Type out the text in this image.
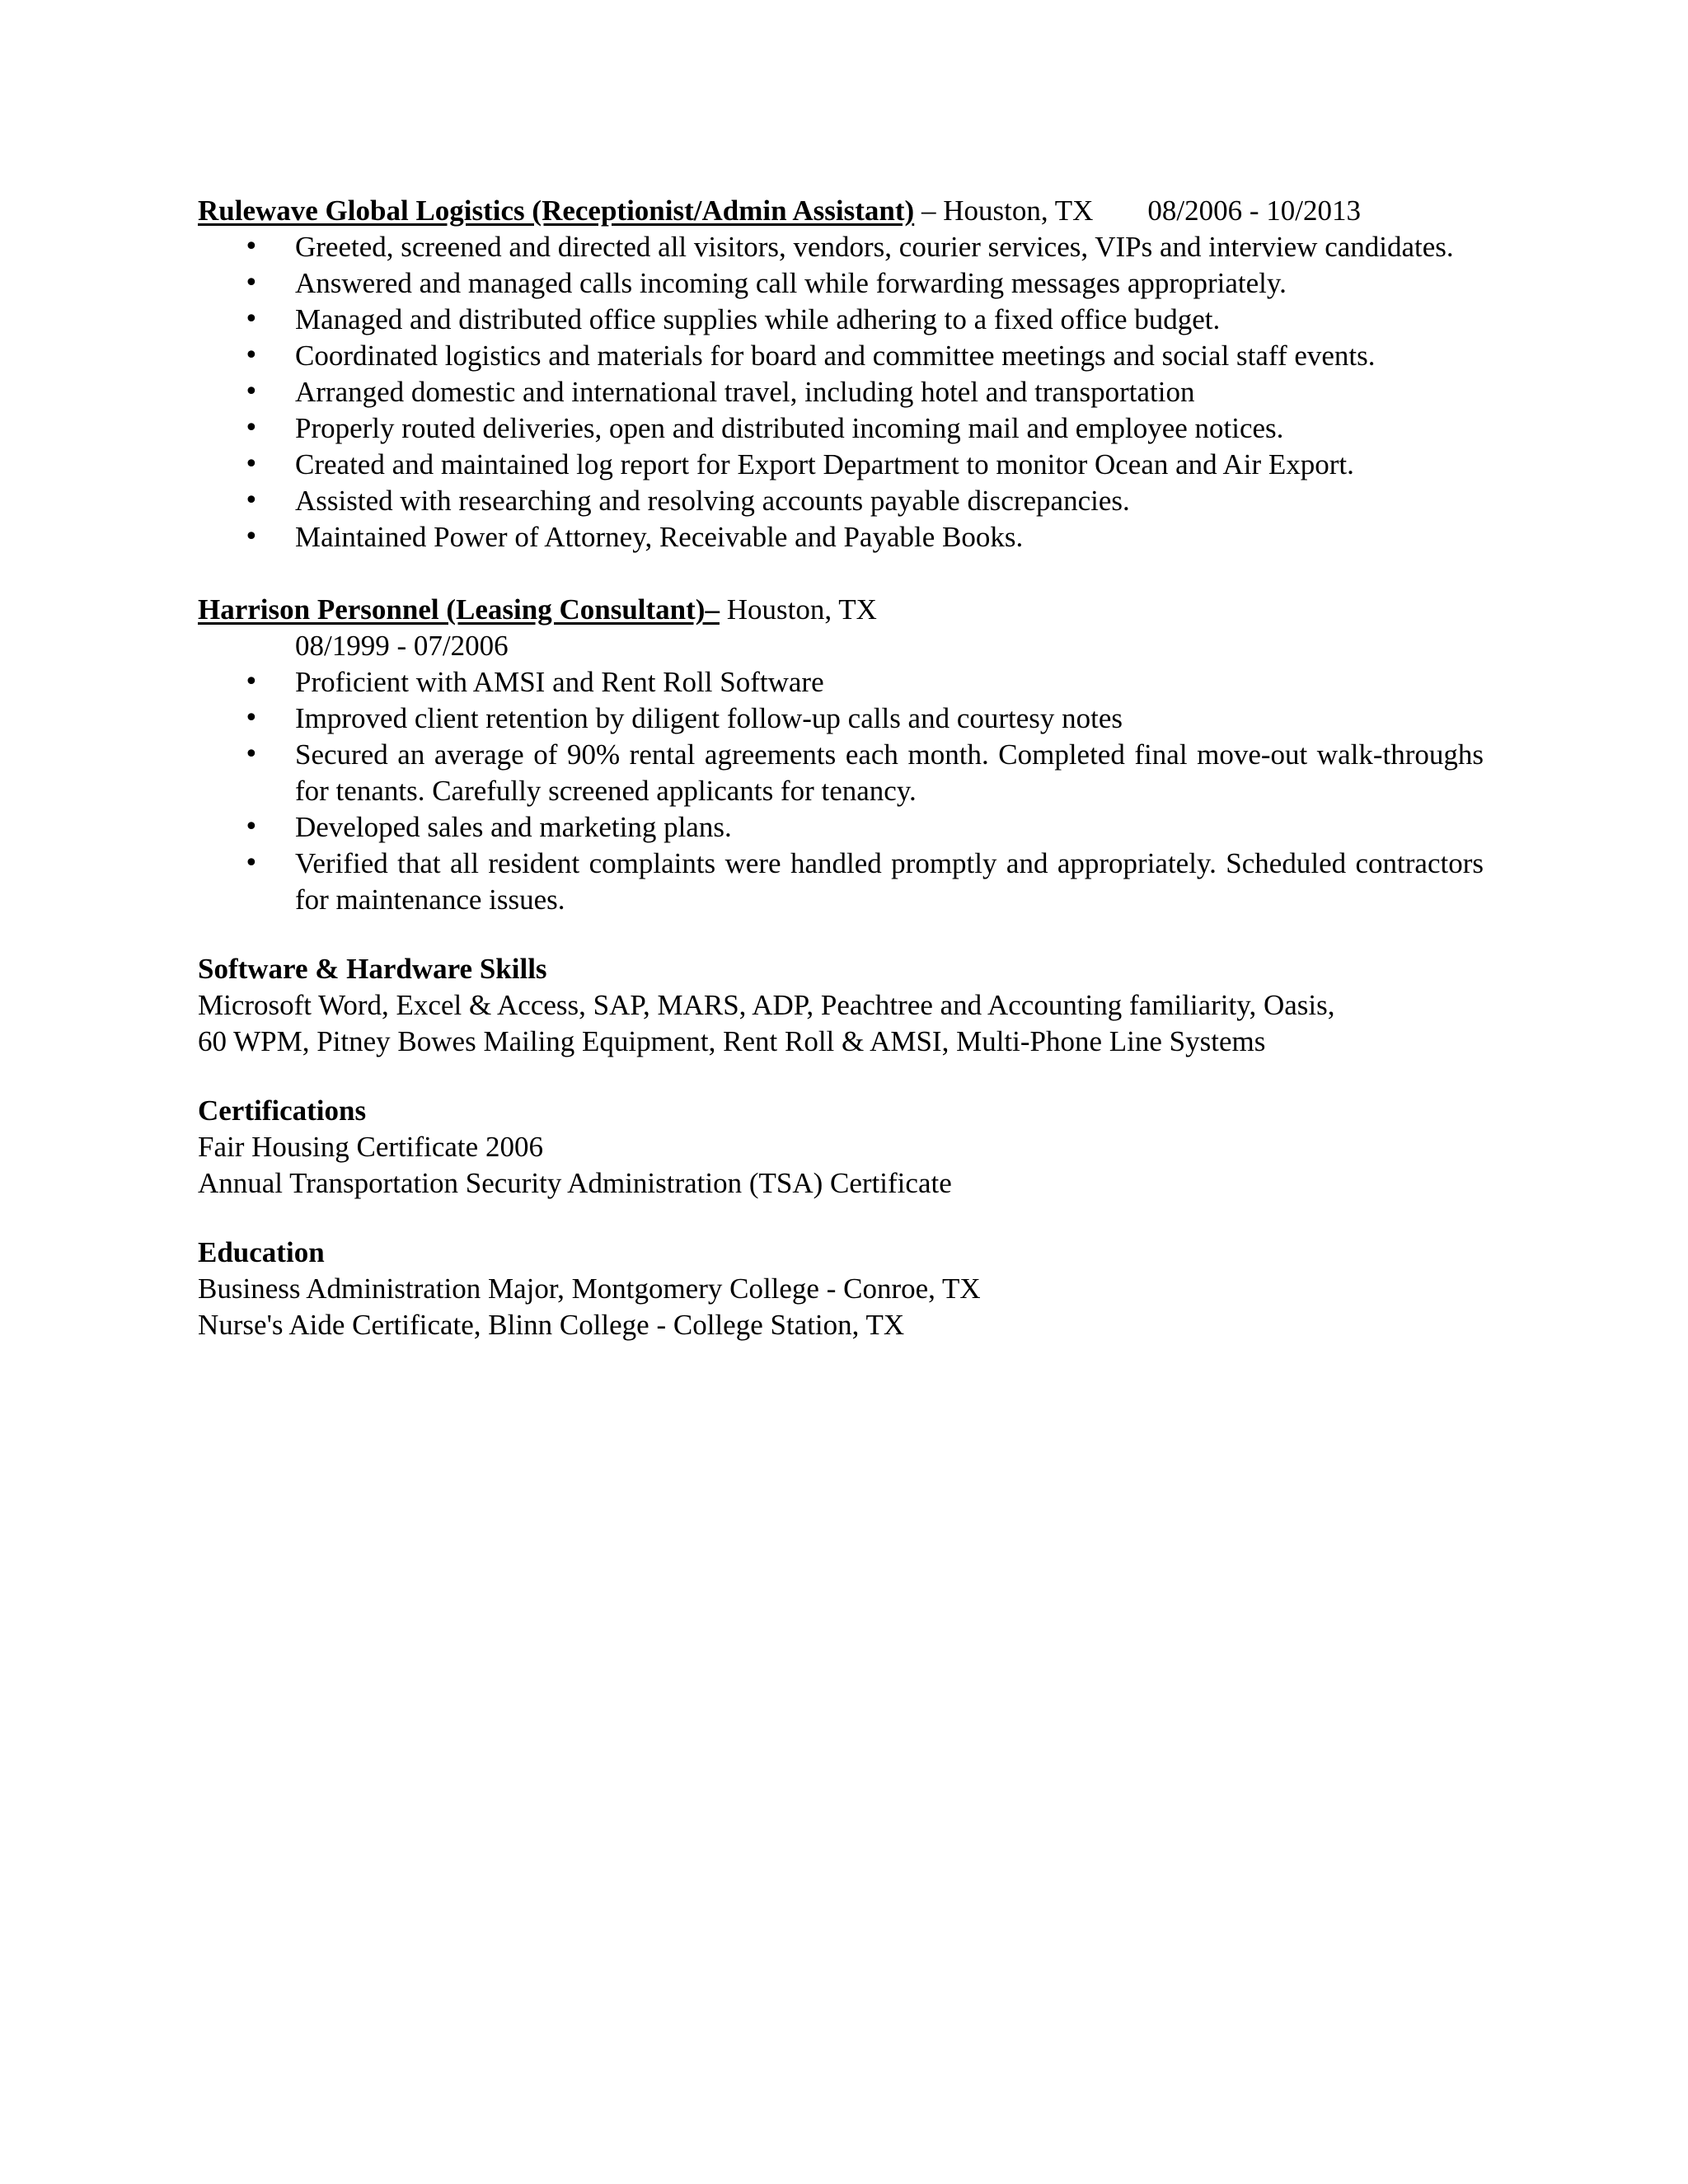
Rulewave Global Logistics (Receptionist/Admin Assistant) – Houston, TX 08/2006 - 10/2013

• Greeted, screened and directed all visitors, vendors, courier services, VIPs and interview candidates.
• Answered and managed calls incoming call while forwarding messages appropriately.
• Managed and distributed office supplies while adhering to a fixed office budget.
• Coordinated logistics and materials for board and committee meetings and social staff events.
• Arranged domestic and international travel, including hotel and transportation
• Properly routed deliveries, open and distributed incoming mail and employee notices.
• Created and maintained log report for Export Department to monitor Ocean and Air Export.
• Assisted with researching and resolving accounts payable discrepancies.
• Maintained Power of Attorney, Receivable and Payable Books.

Harrison Personnel (Leasing Consultant)– Houston, TX

08/1999 - 07/2006

• Proficient with AMSI and Rent Roll Software
• Improved client retention by diligent follow-up calls and courtesy notes
• Secured an average of 90% rental agreements each month. Completed final move-out walk-throughs for tenants. Carefully screened applicants for tenancy.
• Developed sales and marketing plans.
• Verified that all resident complaints were handled promptly and appropriately. Scheduled contractors for maintenance issues.

Software & Hardware Skills

Microsoft Word, Excel & Access, SAP, MARS, ADP, Peachtree and Accounting familiarity, Oasis,

60 WPM, Pitney Bowes Mailing Equipment, Rent Roll & AMSI, Multi-Phone Line Systems

Certifications

Fair Housing Certificate 2006

Annual Transportation Security Administration (TSA) Certificate

Education

Business Administration Major, Montgomery College - Conroe, TX

Nurse's Aide Certificate, Blinn College - College Station, TX
